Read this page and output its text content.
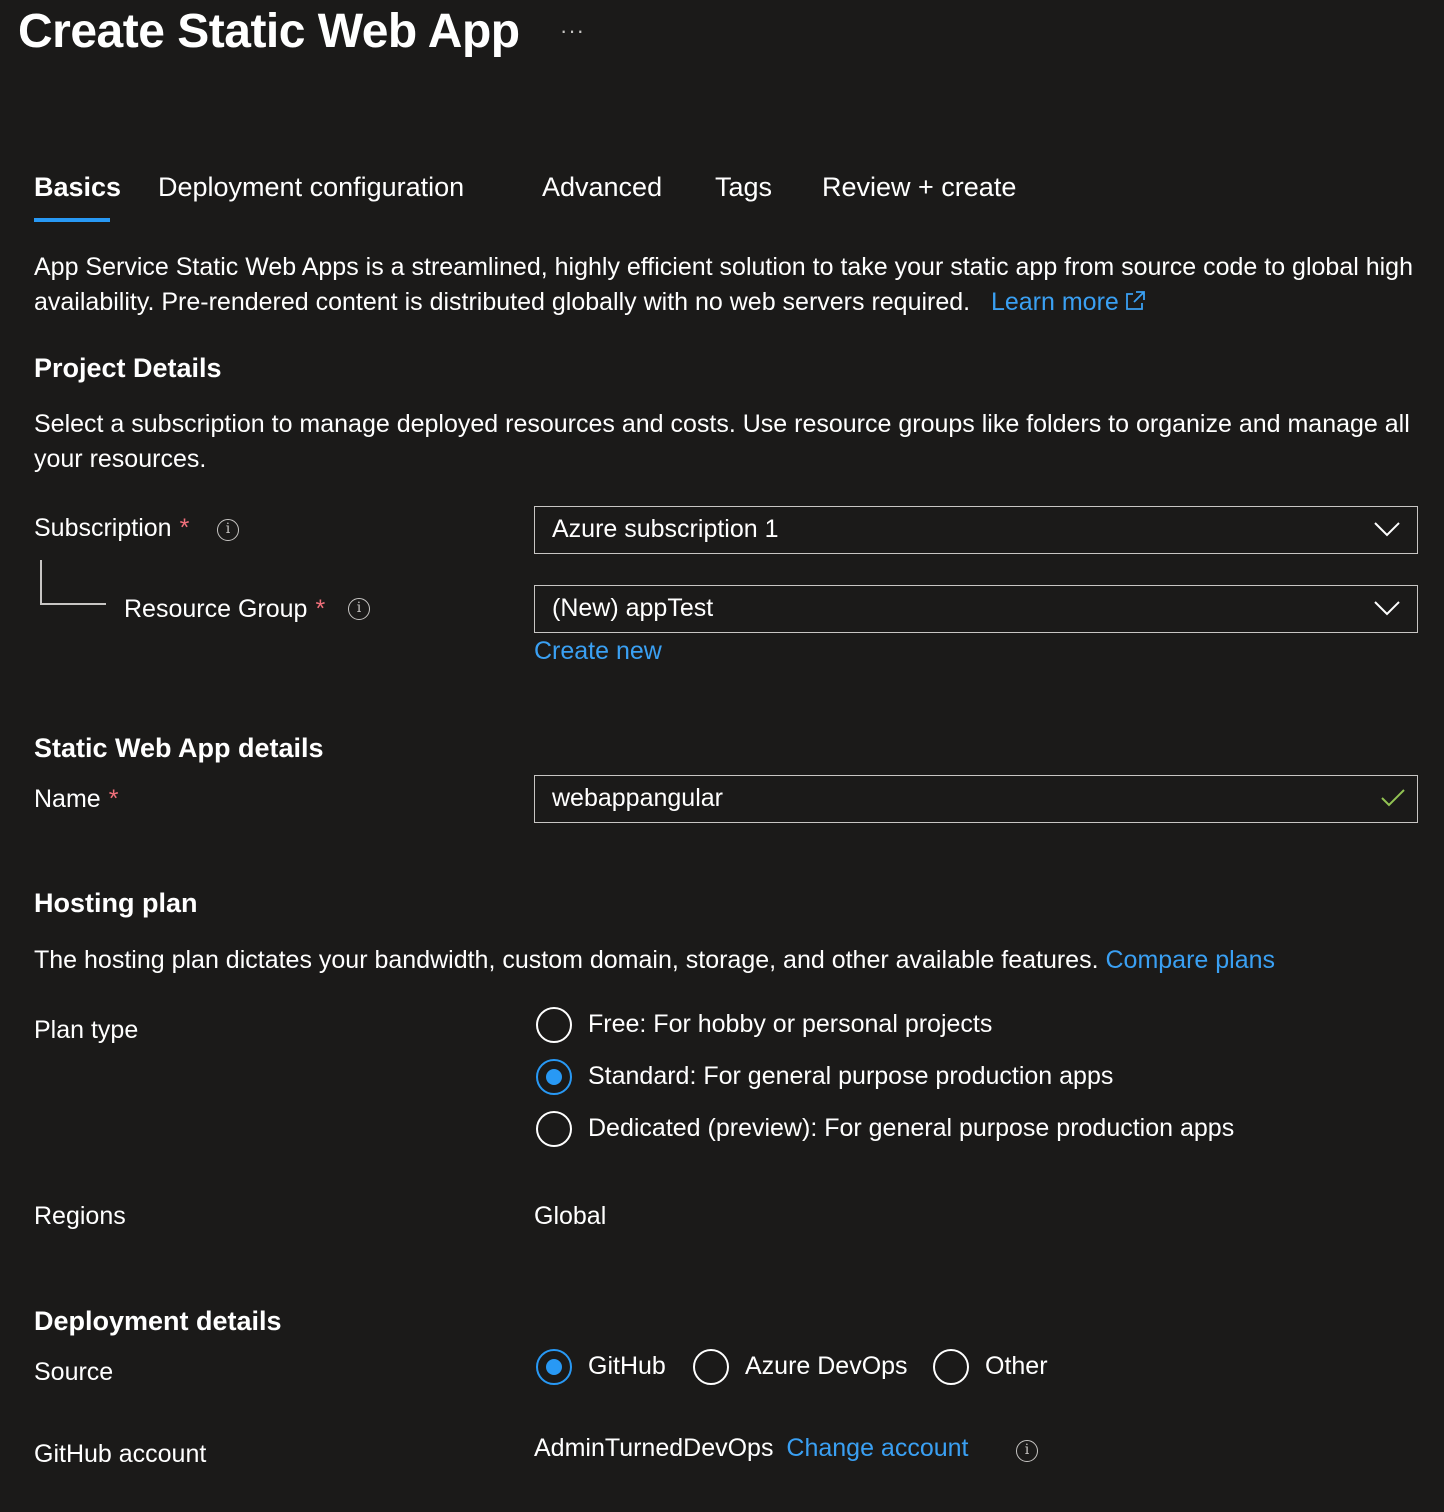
Create Static Web App ···
Basics Deployment configuration	Advanced Tags Review + create
App Service Static Web Apps is a streamlined, highly efficient solution to take your static app from source code to global high availability. Pre-rendered content is distributed globally with no web servers required. Learn more
Project Details
Select a subscription to manage deployed resources and costs. Use resource groups like folders to organize and manage all your resources.
Subscription *	i	Azure subscription 1
Resource Group *	i	(New) appTest
Create new
Static Web App details
Name *	webappangular
Hosting plan
The hosting plan dictates your bandwidth, custom domain, storage, and other available features. Compare plans
Plan type	Free: For hobby or personal projects
Standard: For general purpose production apps
Dedicated (preview): For general purpose production apps
Regions	Global
Deployment details
Source	GitHub	Azure DevOps	Other
GitHub account	AdminTurnedDevOps Change account	i
